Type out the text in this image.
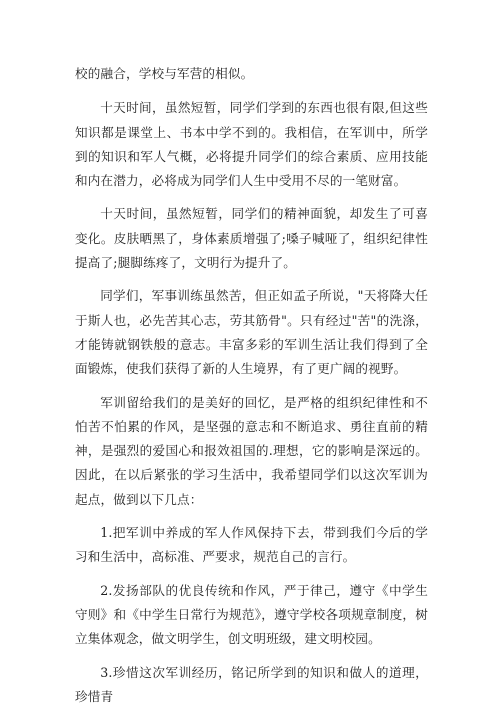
校的融合，学校与军营的相似。

十天时间，虽然短暂，同学们学到的东西也很有限,但这些知识都是课堂上、书本中学不到的。我相信，在军训中，所学到的知识和军人气概，必将提升同学们的综合素质、应用技能和内在潜力，必将成为同学们人生中受用不尽的一笔财富。

十天时间，虽然短暂，同学们的精神面貌，却发生了可喜变化。皮肤晒黑了，身体素质增强了;嗓子喊哑了，组织纪律性提高了;腿脚练疼了，文明行为提升了。

同学们，军事训练虽然苦，但正如孟子所说，"天将降大任于斯人也，必先苦其心志，劳其筋骨"。只有经过"苦"的洗涤，才能铸就钢铁般的意志。丰富多彩的军训生活让我们得到了全面锻炼，使我们获得了新的人生境界，有了更广阔的视野。

军训留给我们的是美好的回忆，是严格的组织纪律性和不怕苦不怕累的作风，是坚强的意志和不断追求、勇往直前的精神，是强烈的爱国心和报效祖国的.理想，它的影响是深远的。因此，在以后紧张的学习生活中，我希望同学们以这次军训为起点，做到以下几点：

1.把军训中养成的军人作风保持下去，带到我们今后的学习和生活中，高标准、严要求，规范自己的言行。

2.发扬部队的优良传统和作风，严于律己，遵守《中学生守则》和《中学生日常行为规范》，遵守学校各项规章制度，树立集体观念，做文明学生，创文明班级，建文明校园。

3.珍惜这次军训经历，铭记所学到的知识和做人的道理，珍惜青
